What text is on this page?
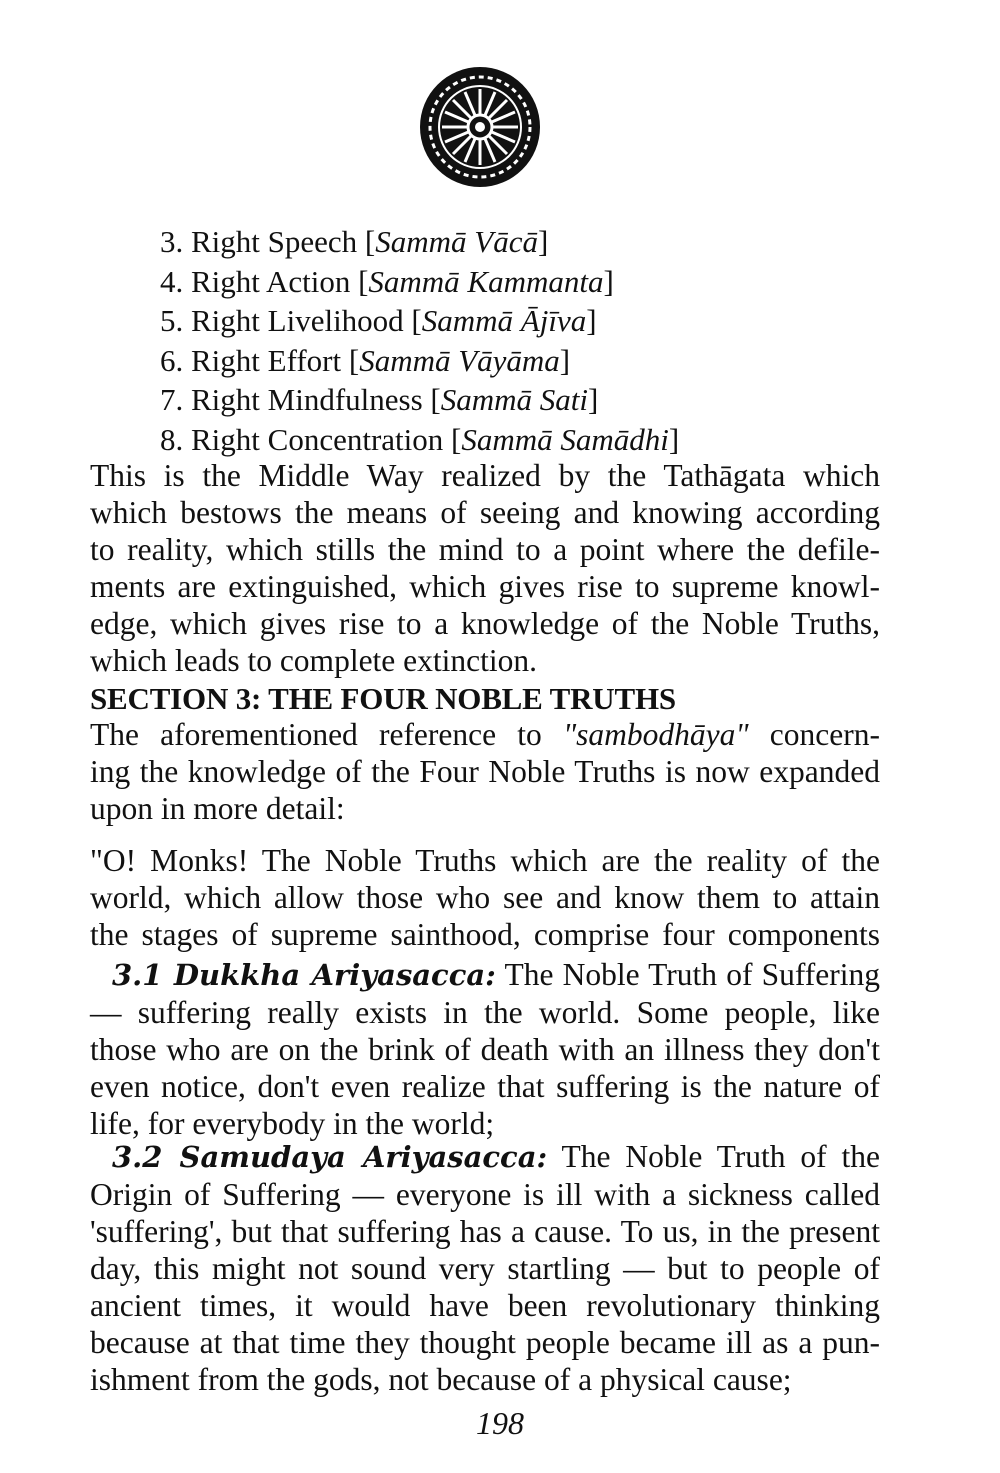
3. Right Speech [Sammā Vācā]
4. Right Action [Sammā Kammanta]
5. Right Livelihood [Sammā Ājīva]
6. Right Effort [Sammā Vāyāma]
7. Right Mindfulness [Sammā Sati]
8. Right Concentration [Sammā Samādhi]
This is the Middle Way realized by the Tathāgata which
which bestows the means of seeing and knowing according
to reality, which stills the mind to a point where the defile-
ments are extinguished, which gives rise to supreme knowl-
edge, which gives rise to a knowledge of the Noble Truths,
which leads to complete extinction.
SECTION 3: THE FOUR NOBLE TRUTHS
The aforementioned reference to "sambodhāya" concern-
ing the knowledge of the Four Noble Truths is now expanded
upon in more detail:
"O! Monks! The Noble Truths which are the reality of the
world, which allow those who see and know them to attain
the stages of supreme sainthood, comprise four components
3.1 Dukkha Ariyasacca: The Noble Truth of Suffering
— suffering really exists in the world. Some people, like
those who are on the brink of death with an illness they don't
even notice, don't even realize that suffering is the nature of
life, for everybody in the world;
3.2 Samudaya Ariyasacca: The Noble Truth of the
Origin of Suffering — everyone is ill with a sickness called
'suffering', but that suffering has a cause. To us, in the present
day, this might not sound very startling — but to people of
ancient times, it would have been revolutionary thinking
because at that time they thought people became ill as a pun-
ishment from the gods, not because of a physical cause;
198
